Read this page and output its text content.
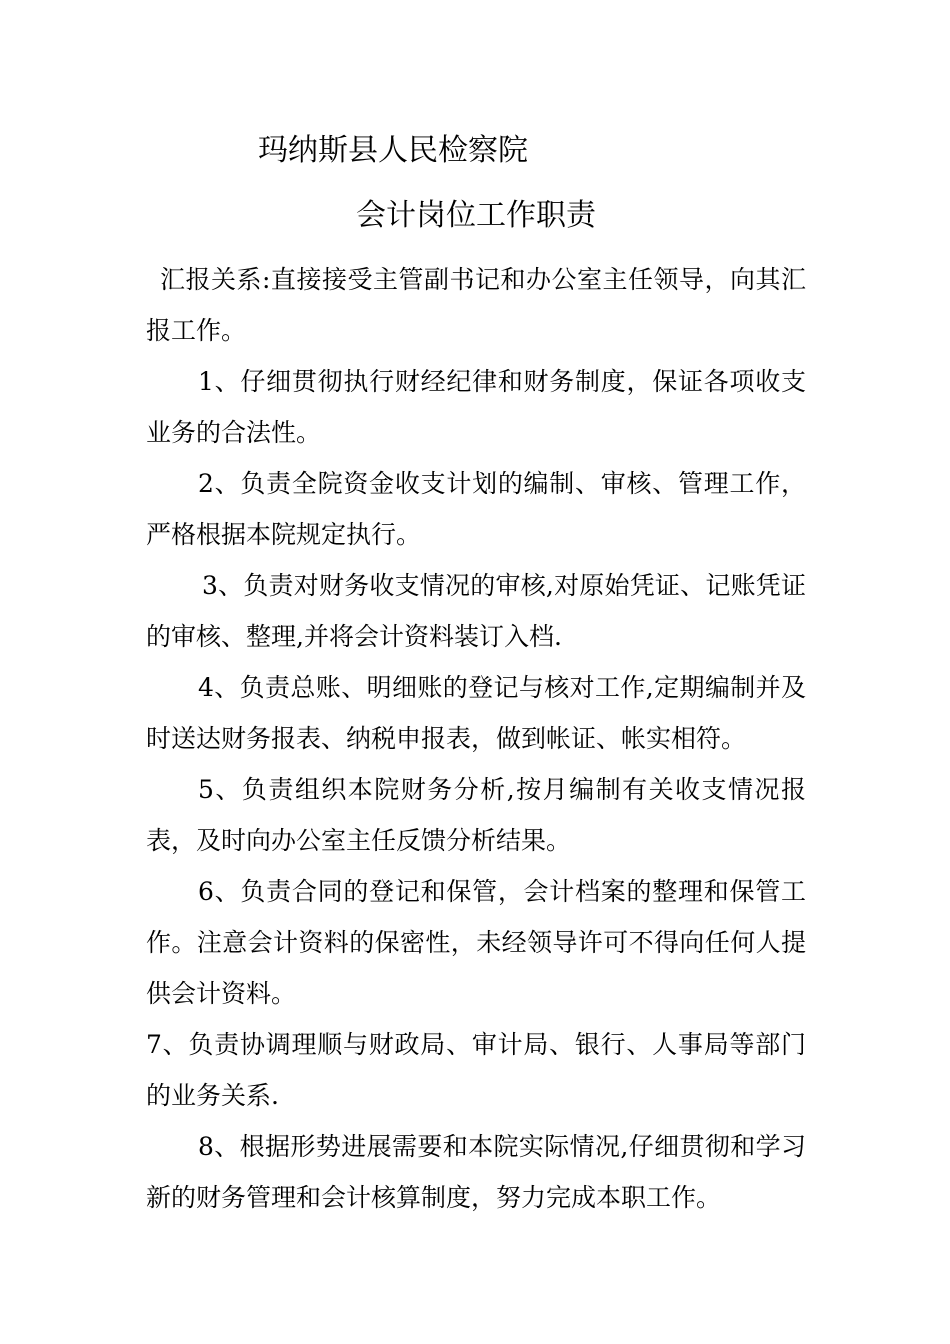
玛纳斯县人民检察院
会计岗位工作职责

汇报关系:直接接受主管副书记和办公室主任领导，向其汇报工作。

1、仔细贯彻执行财经纪律和财务制度，保证各项收支业务的合法性。

2、负责全院资金收支计划的编制、审核、管理工作，严格根据本院规定执行。

3、负责对财务收支情况的审核,对原始凭证、记账凭证的审核、整理,并将会计资料装订入档.

4、负责总账、明细账的登记与核对工作,定期编制并及时送达财务报表、纳税申报表，做到帐证、帐实相符。

5、负责组织本院财务分析,按月编制有关收支情况报表，及时向办公室主任反馈分析结果。

6、负责合同的登记和保管，会计档案的整理和保管工作。注意会计资料的保密性，未经领导许可不得向任何人提供会计资料。

7、负责协调理顺与财政局、审计局、银行、人事局等部门的业务关系.

8、根据形势进展需要和本院实际情况,仔细贯彻和学习新的财务管理和会计核算制度，努力完成本职工作。
